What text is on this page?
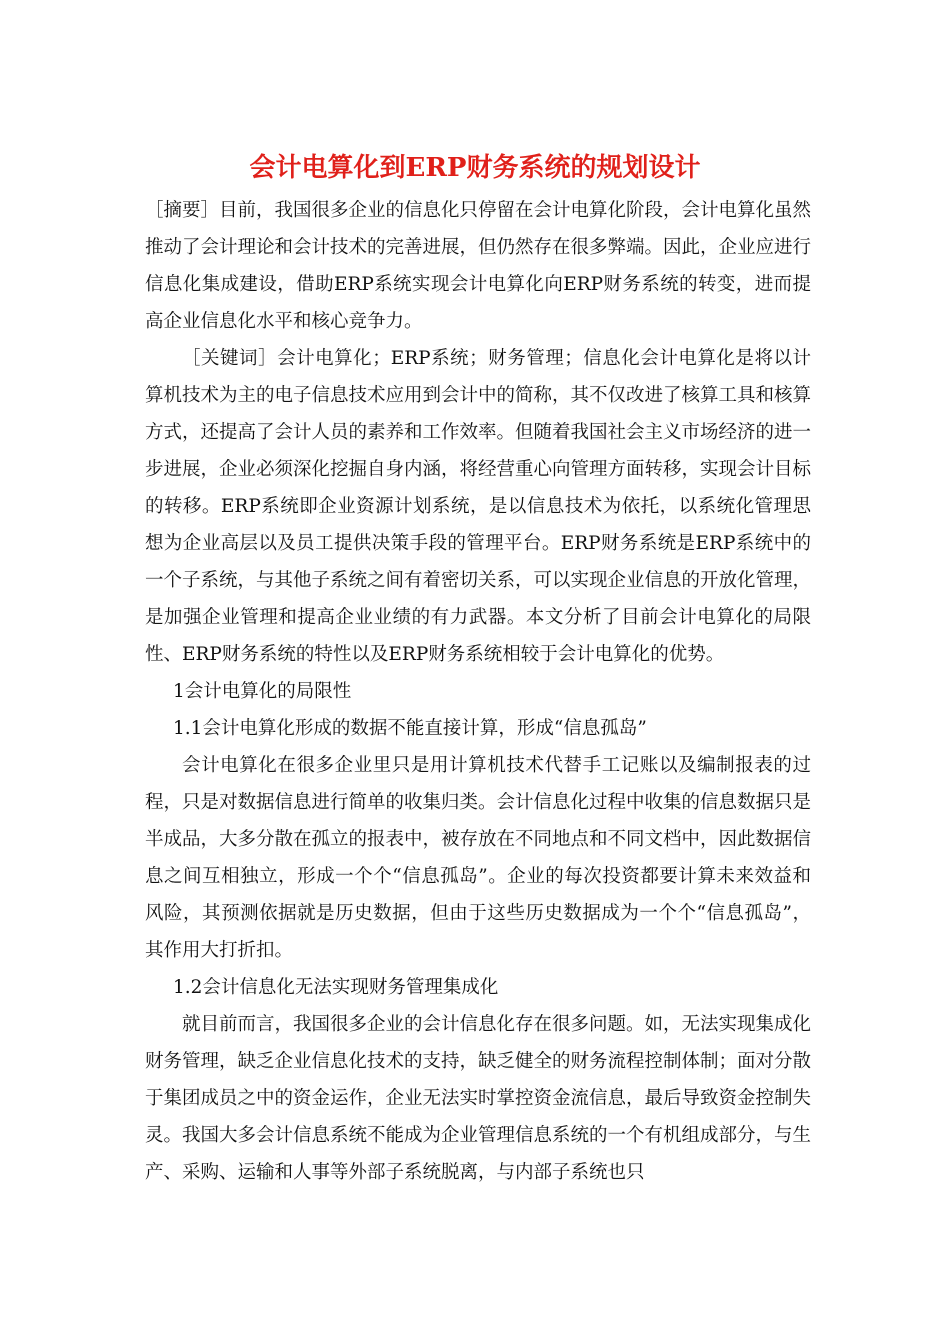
会计电算化到ERP财务系统的规划设计

［摘要］目前，我国很多企业的信息化只停留在会计电算化阶段，会计电算化虽然推动了会计理论和会计技术的完善进展，但仍然存在很多弊端。因此，企业应进行信息化集成建设，借助ERP系统实现会计电算化向ERP财务系统的转变，进而提高企业信息化水平和核心竞争力。

［关键词］会计电算化；ERP系统；财务管理；信息化会计电算化是将以计算机技术为主的电子信息技术应用到会计中的简称，其不仅改进了核算工具和核算方式，还提高了会计人员的素养和工作效率。但随着我国社会主义市场经济的进一步进展，企业必须深化挖掘自身内涵，将经营重心向管理方面转移，实现会计目标的转移。ERP系统即企业资源计划系统，是以信息技术为依托，以系统化管理思想为企业高层以及员工提供决策手段的管理平台。ERP财务系统是ERP系统中的一个子系统，与其他子系统之间有着密切关系，可以实现企业信息的开放化管理，是加强企业管理和提高企业业绩的有力武器。本文分析了目前会计电算化的局限性、ERP财务系统的特性以及ERP财务系统相较于会计电算化的优势。

1会计电算化的局限性

1.1会计电算化形成的数据不能直接计算，形成“信息孤岛”

会计电算化在很多企业里只是用计算机技术代替手工记账以及编制报表的过程，只是对数据信息进行简单的收集归类。会计信息化过程中收集的信息数据只是半成品，大多分散在孤立的报表中，被存放在不同地点和不同文档中，因此数据信息之间互相独立，形成一个个“信息孤岛”。企业的每次投资都要计算未来效益和风险，其预测依据就是历史数据，但由于这些历史数据成为一个个“信息孤岛”，其作用大打折扣。

1.2会计信息化无法实现财务管理集成化

就目前而言，我国很多企业的会计信息化存在很多问题。如，无法实现集成化财务管理，缺乏企业信息化技术的支持，缺乏健全的财务流程控制体制；面对分散于集团成员之中的资金运作，企业无法实时掌控资金流信息，最后导致资金控制失灵。我国大多会计信息系统不能成为企业管理信息系统的一个有机组成部分，与生产、采购、运输和人事等外部子系统脱离，与内部子系统也只
